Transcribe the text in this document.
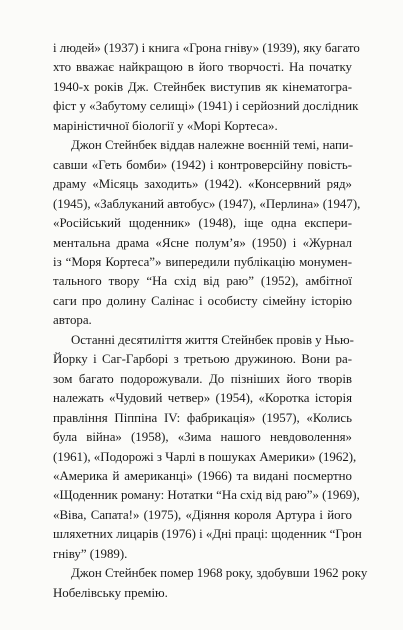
і людей» (1937) і книга «Грона гніву» (1939), яку багато
хто вважає найкращою в його творчості. На початку
1940-х років Дж. Стейнбек виступив як кінематогра-
фіст у «Забутому селищі» (1941) і серйозний дослідник
маріністичної біології у «Морі Кортеса».

Джон Стейнбек віддав належне воєнній темі, напи-
савши «Геть бомби» (1942) і контроверсійну повість-
драму «Місяць заходить» (1942). «Консервний ряд»
(1945), «Заблуканий автобус» (1947), «Перлина» (1947),
«Російський щоденник» (1948), іще одна експери-
ментальна драма «Ясне полум’я» (1950) і «Журнал
із “Моря Кортеса”» випередили публікацію монумен-
тального твору “На схід від раю” (1952), амбітної
саги про долину Салінас і особисту сімейну історію
автора.

Останні десятиліття життя Стейнбек провів у Нью-
Йорку і Саг-Гарборі з третьою дружиною. Вони ра-
зом багато подорожували. До пізніших його творів
належать «Чудовий четвер» (1954), «Коротка історія
правління Піппіна IV: фабрикація» (1957), «Колись
була війна» (1958), «Зима нашого невдоволення»
(1961), «Подорожі з Чарлі в пошуках Америки» (1962),
«Америка й американці» (1966) та видані посмертно
«Щоденник роману: Нотатки “На схід від раю”» (1969),
«Віва, Сапата!» (1975), «Діяння короля Артура і його
шляхетних лицарів (1976) і «Дні праці: щоденник “Грон
гніву” (1989).

Джон Стейнбек помер 1968 року, здобувши 1962 року
Нобелівську премію.
